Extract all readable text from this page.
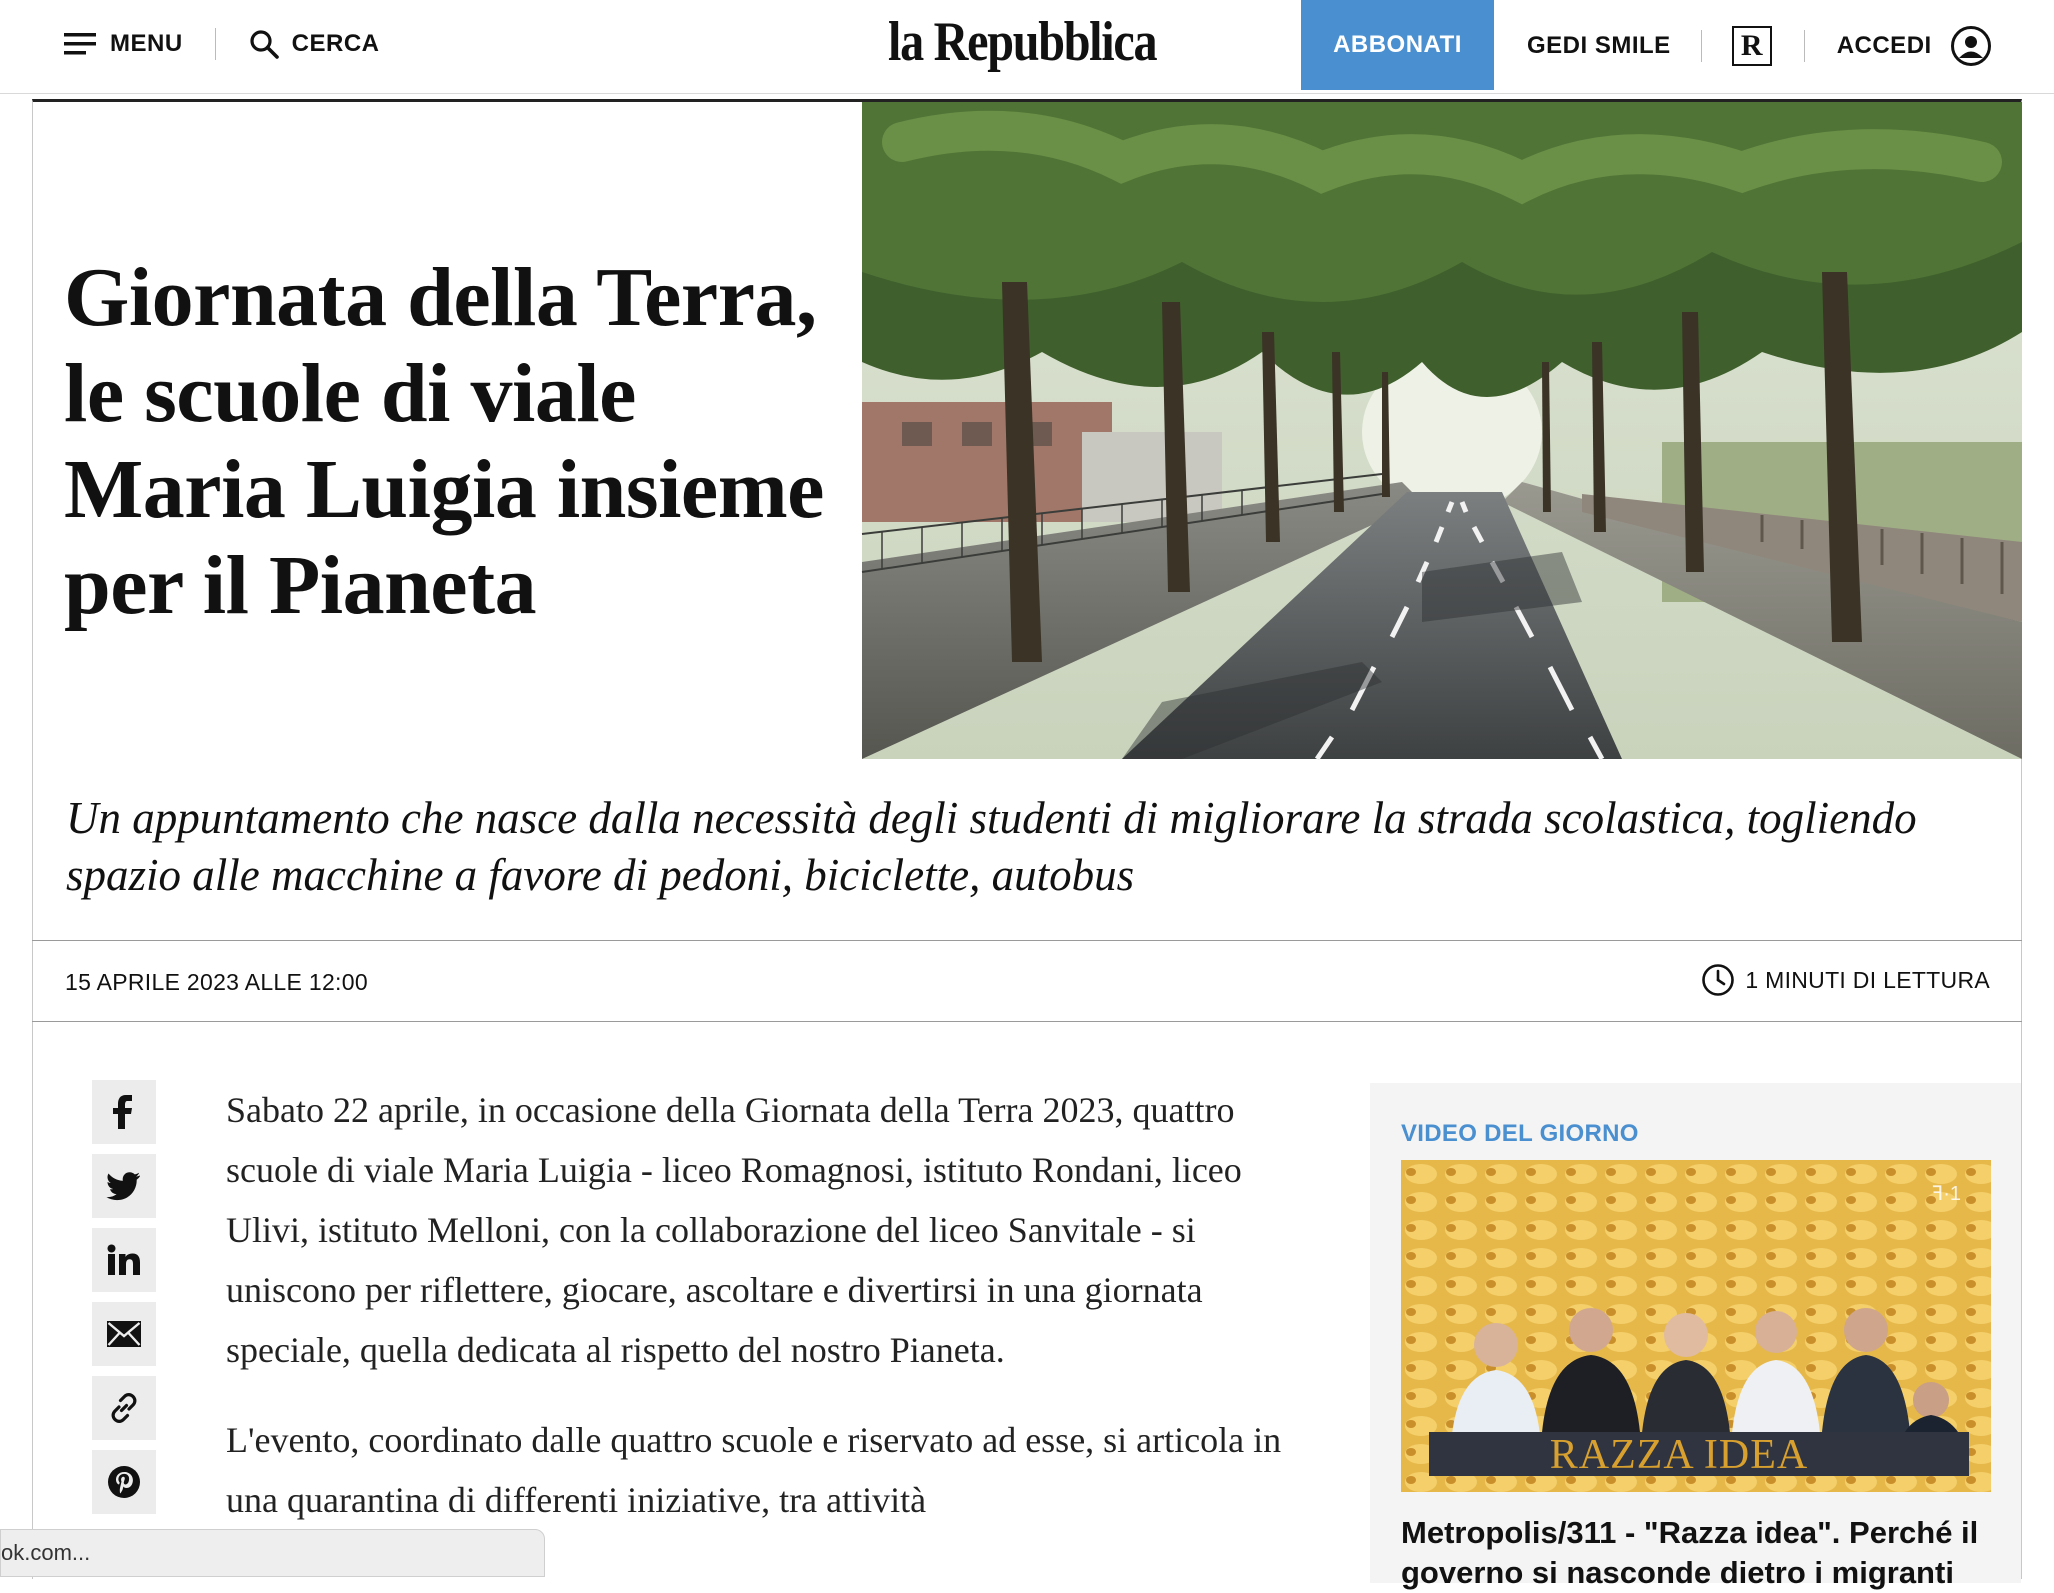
MENU	CERCA	la Repubblica	ABBONATI	GEDI SMILE	R	ACCEDI
Giornata della Terra, le scuole di viale Maria Luigia insieme per il Pianeta

Un appuntamento che nasce dalla necessità degli studenti di migliorare la strada scolastica, togliendo spazio alle macchine a favore di pedoni, biciclette, autobus

15 APRILE 2023 ALLE 12:00	1 MINUTI DI LETTURA

Sabato 22 aprile, in occasione della Giornata della Terra 2023, quattro scuole di viale Maria Luigia - liceo Romagnosi, istituto Rondani, liceo Ulivi, istituto Melloni, con la collaborazione del liceo Sanvitale - si uniscono per riflettere, giocare, ascoltare e divertirsi in una giornata speciale, quella dedicata al rispetto del nostro Pianeta.

L'evento, coordinato dalle quattro scuole e riservato ad esse, si articola in una quarantina di differenti iniziative, tra attività

VIDEO DEL GIORNO
RAZZA IDEA
ꟻ·1
Metropolis/311 - "Razza idea". Perché il governo si nasconde dietro i migranti
ok.com...
